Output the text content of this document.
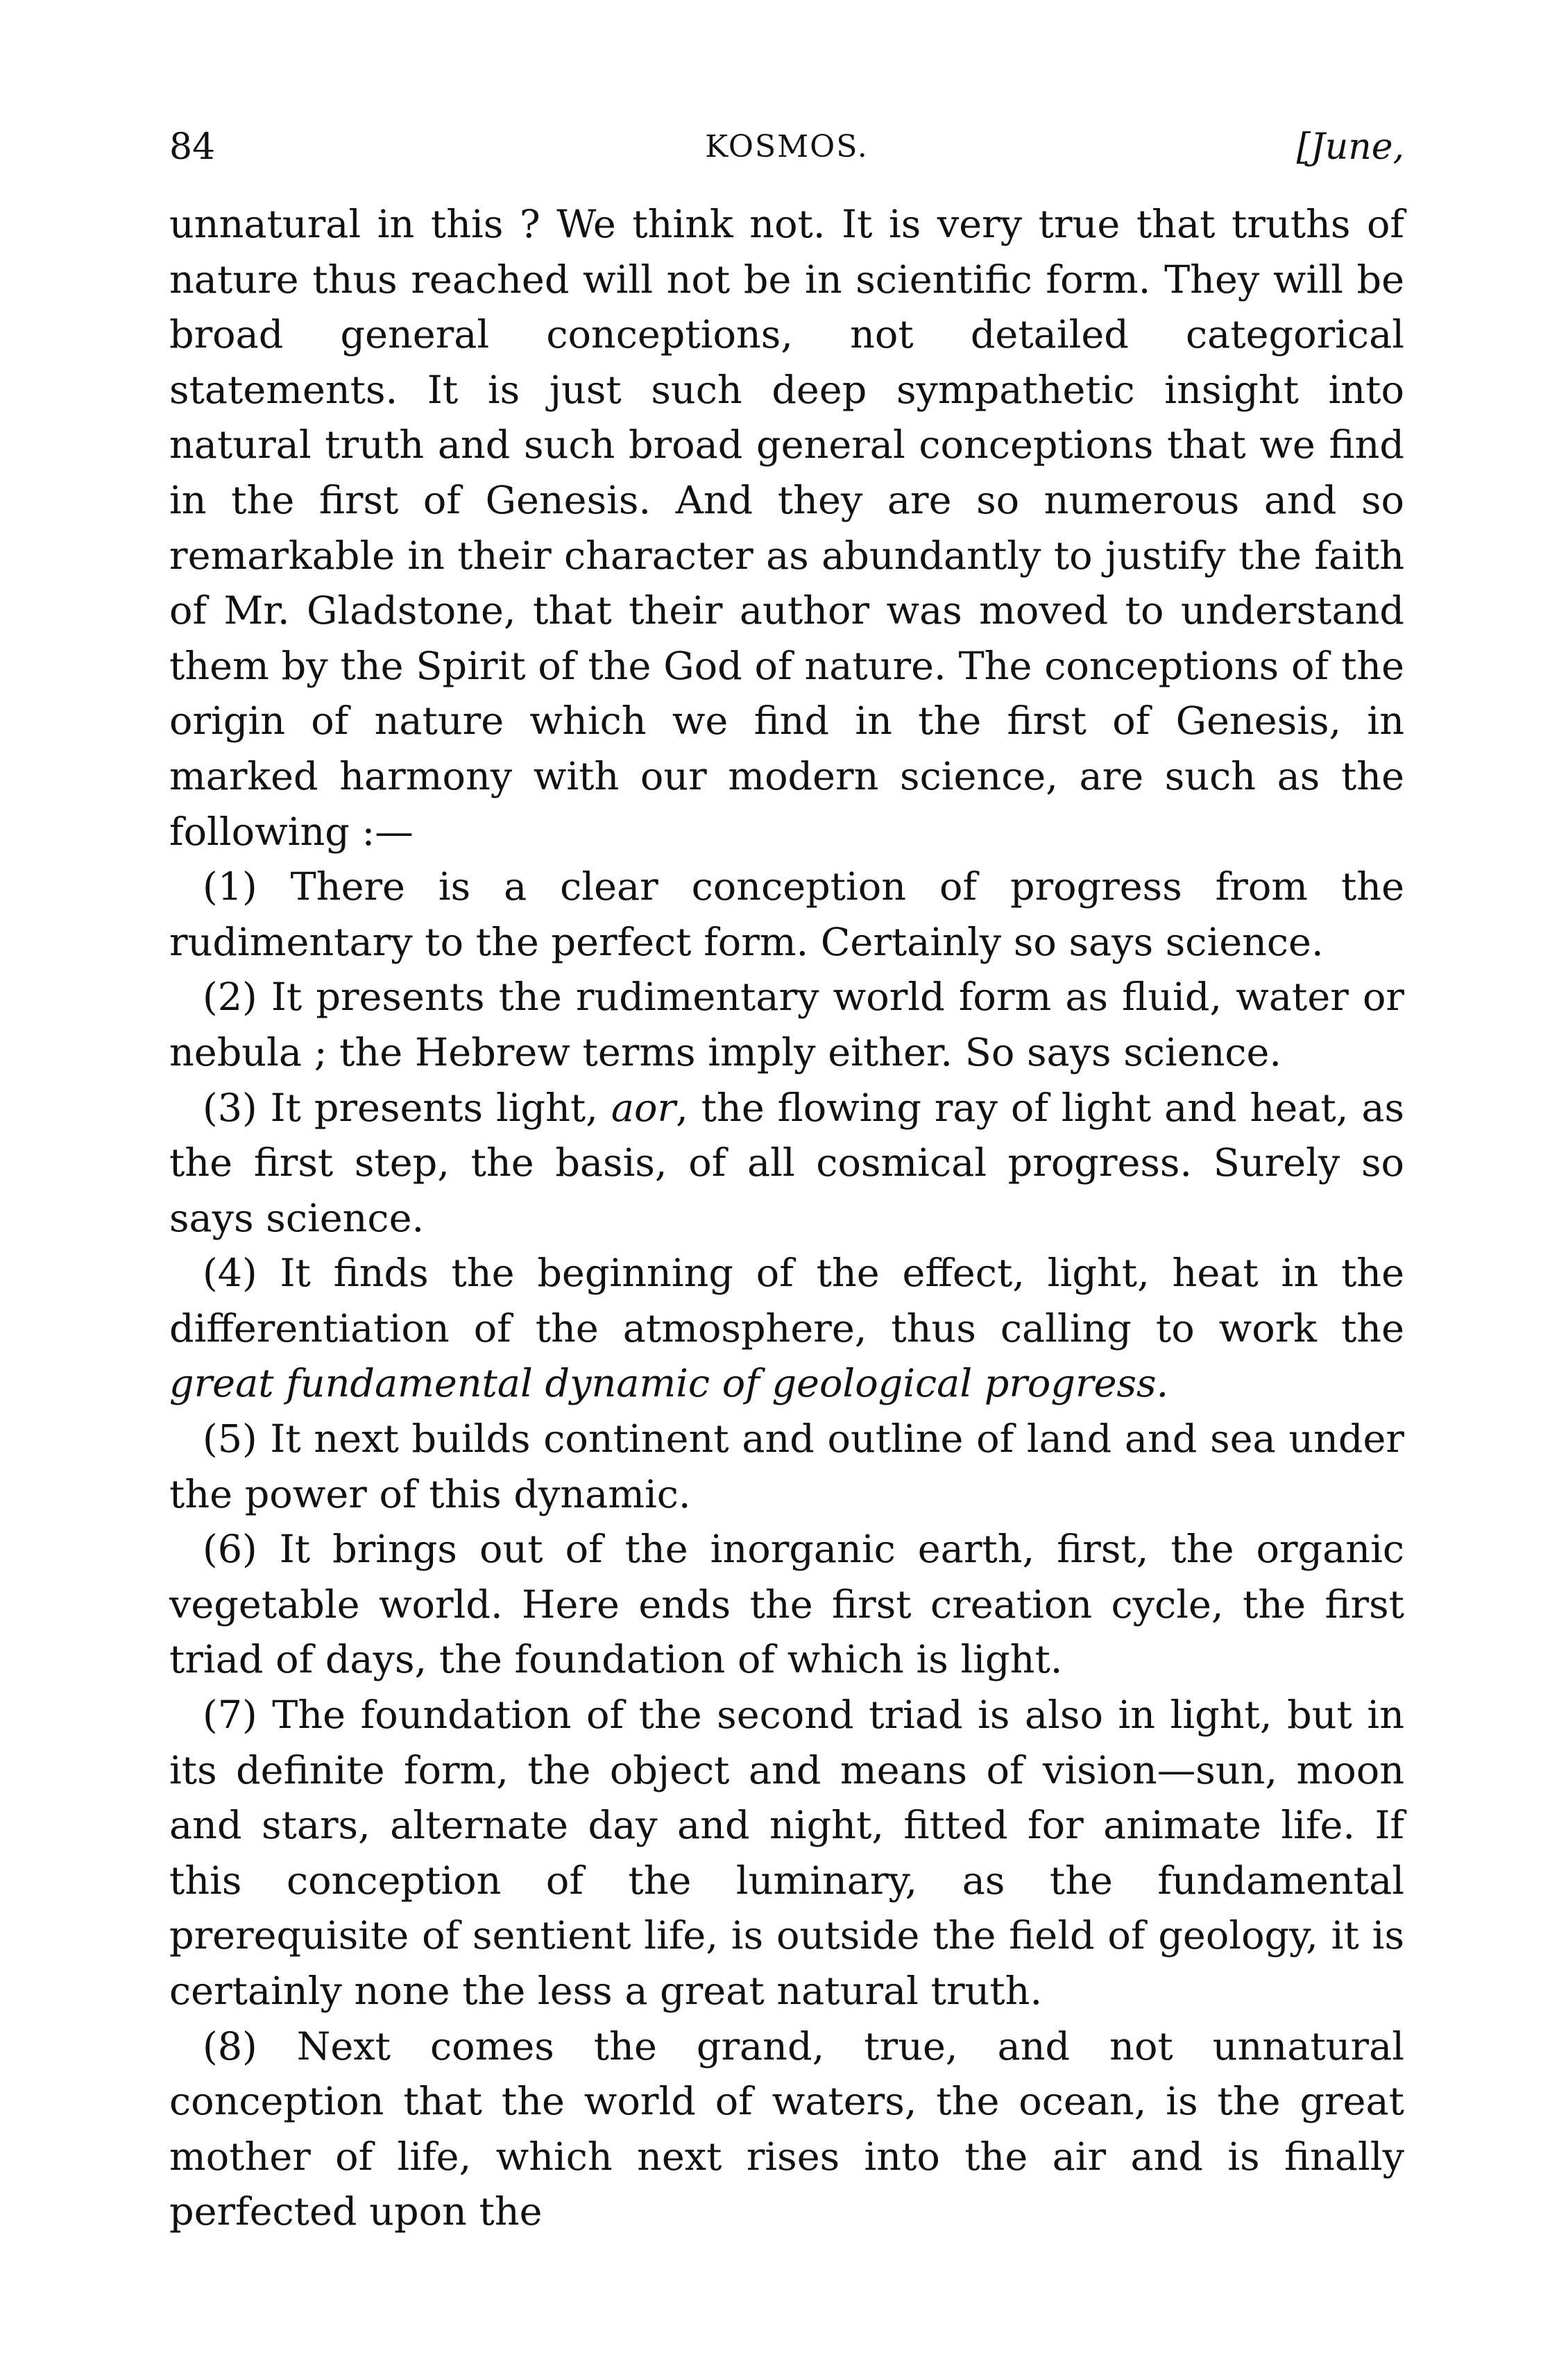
84	KOSMOS.	[June,

unnatural in this ? We think not. It is very true that truths of nature thus reached will not be in scientific form. They will be broad general conceptions, not detailed categorical statements. It is just such deep sympathetic insight into natural truth and such broad general conceptions that we find in the first of Genesis. And they are so numerous and so remarkable in their character as abundantly to justify the faith of Mr. Gladstone, that their author was moved to understand them by the Spirit of the God of nature. The conceptions of the origin of nature which we find in the first of Genesis, in marked harmony with our modern science, are such as the following :—

(1) There is a clear conception of progress from the rudimentary to the perfect form. Certainly so says science.

(2) It presents the rudimentary world form as fluid, water or nebula ; the Hebrew terms imply either. So says science.

(3) It presents light, aor, the flowing ray of light and heat, as the first step, the basis, of all cosmical progress. Surely so says science.

(4) It finds the beginning of the effect, light, heat in the differentiation of the atmosphere, thus calling to work the great fundamental dynamic of geological progress.

(5) It next builds continent and outline of land and sea under the power of this dynamic.

(6) It brings out of the inorganic earth, first, the organic vegetable world. Here ends the first creation cycle, the first triad of days, the foundation of which is light.

(7) The foundation of the second triad is also in light, but in its definite form, the object and means of vision—sun, moon and stars, alternate day and night, fitted for animate life. If this conception of the luminary, as the fundamental prerequisite of sentient life, is outside the field of geology, it is certainly none the less a great natural truth.

(8) Next comes the grand, true, and not unnatural conception that the world of waters, the ocean, is the great mother of life, which next rises into the air and is finally perfected upon the
